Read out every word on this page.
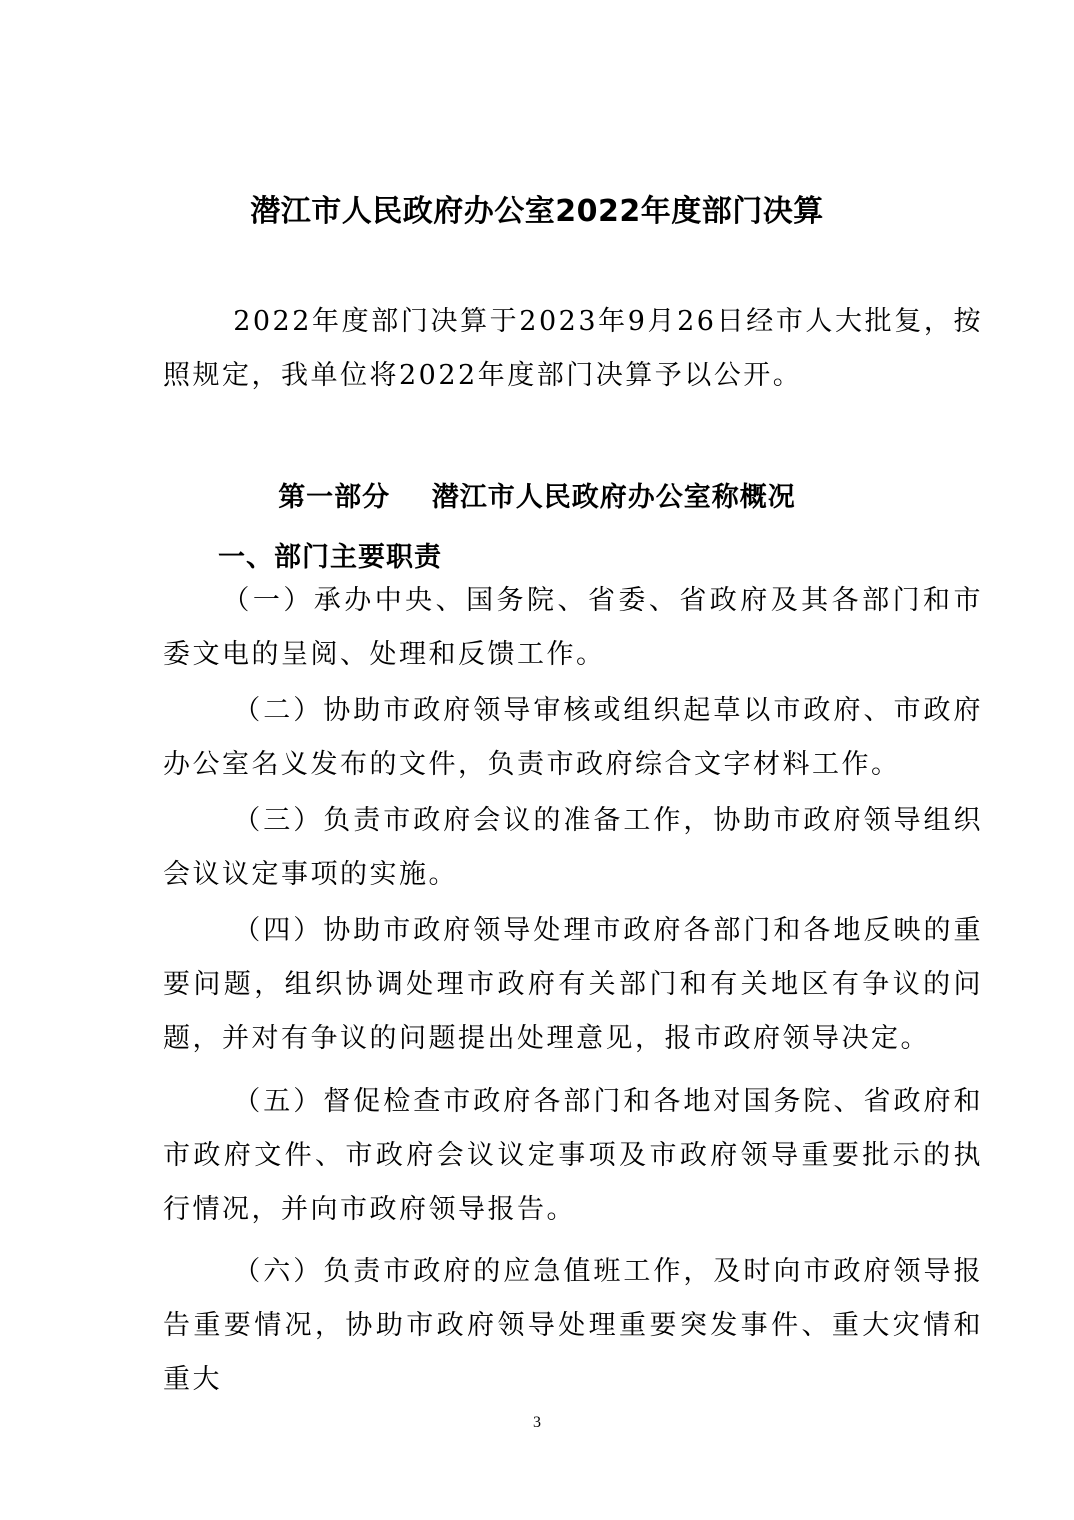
潜江市人民政府办公室2022年度部门决算

2022年度部门决算于2023年9月26日经市人大批复，按照规定，我单位将2022年度部门决算予以公开。

第一部分    潜江市人民政府办公室称概况
一、部门主要职责

（一）承办中央、国务院、省委、省政府及其各部门和市委文电的呈阅、处理和反馈工作。

（二）协助市政府领导审核或组织起草以市政府、市政府办公室名义发布的文件，负责市政府综合文字材料工作。

（三）负责市政府会议的准备工作，协助市政府领导组织会议议定事项的实施。

（四）协助市政府领导处理市政府各部门和各地反映的重要问题，组织协调处理市政府有关部门和有关地区有争议的问题，并对有争议的问题提出处理意见，报市政府领导决定。

（五）督促检查市政府各部门和各地对国务院、省政府和市政府文件、市政府会议议定事项及市政府领导重要批示的执行情况，并向市政府领导报告。

（六）负责市政府的应急值班工作，及时向市政府领导报告重要情况，协助市政府领导处理重要突发事件、重大灾情和重大

3
